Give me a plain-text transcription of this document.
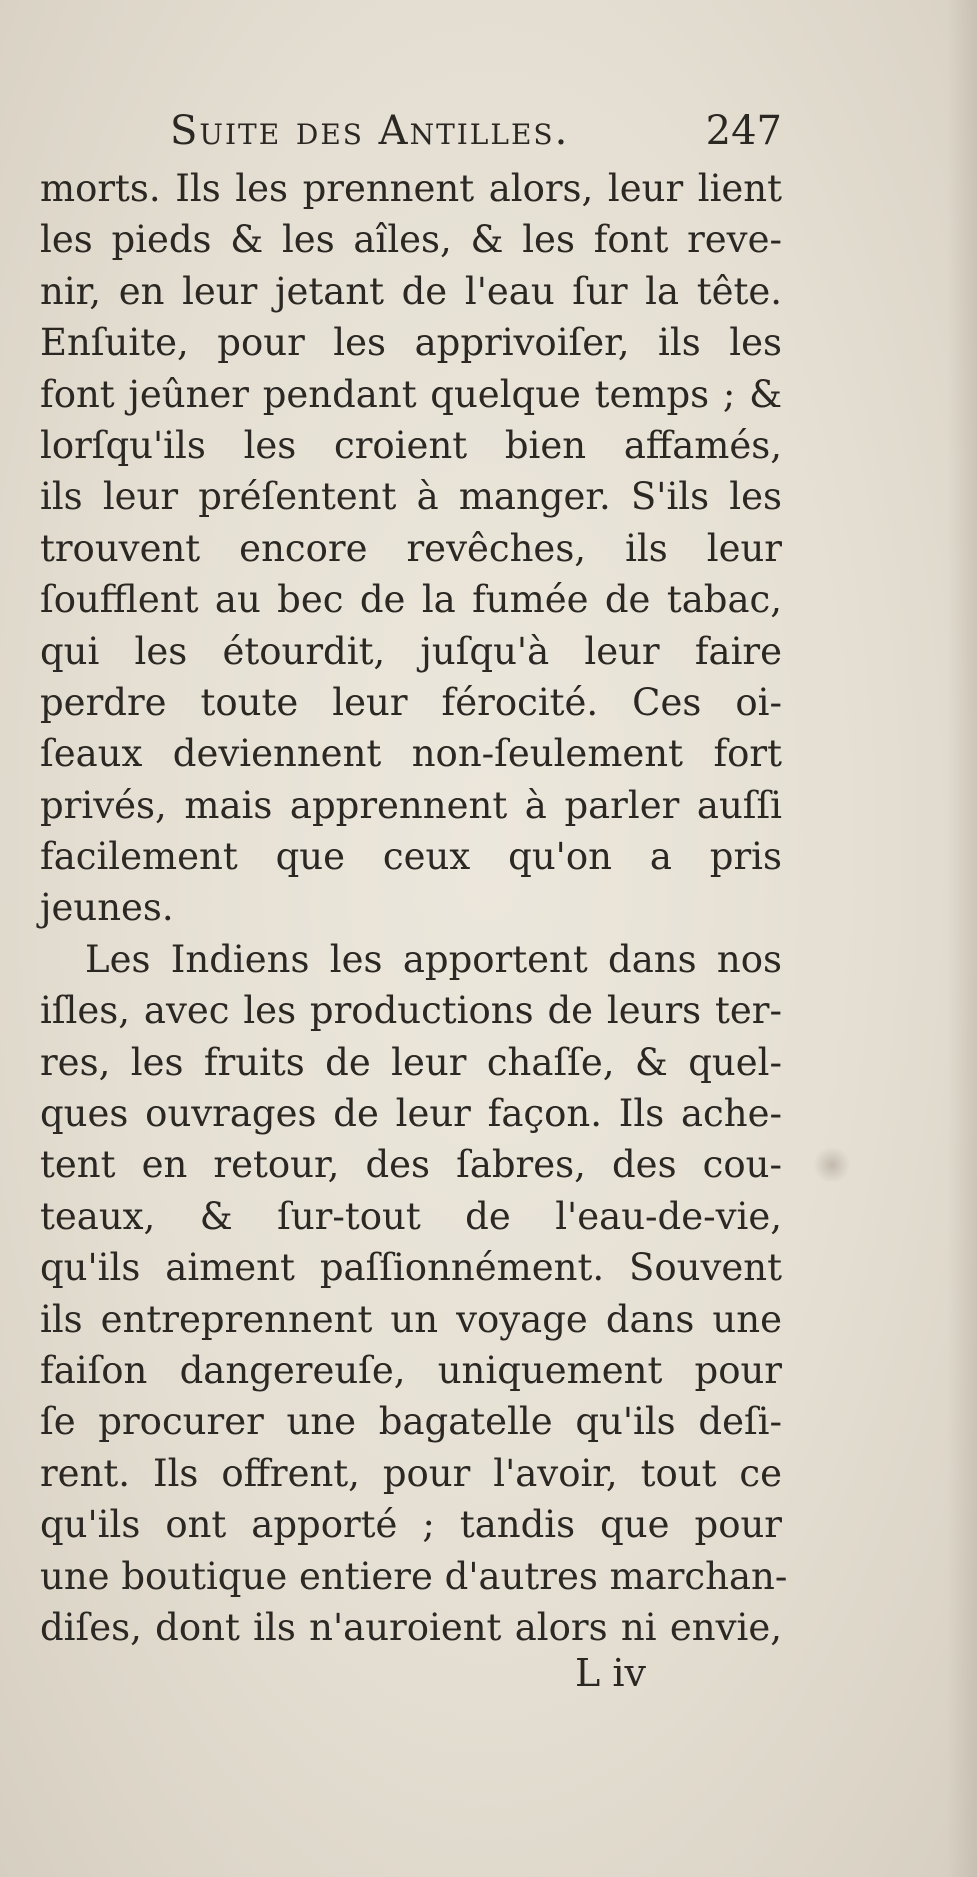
Suite des Antilles.	247
morts. Ils les prennent alors, leur lient
les pieds & les aîles, & les font reve-
nir, en leur jetant de l'eau ſur la tête.
Enſuite, pour les apprivoiſer, ils les
font jeûner pendant quelque temps ; &
lorſqu'ils les croient bien affamés,
ils leur préſentent à manger. S'ils les
trouvent encore revêches, ils leur
ſoufflent au bec de la fumée de tabac,
qui les étourdit, juſqu'à leur faire
perdre toute leur férocité. Ces oi-
ſeaux deviennent non-ſeulement fort
privés, mais apprennent à parler auſſi
facilement que ceux qu'on a pris
jeunes.
Les Indiens les apportent dans nos
iſles, avec les productions de leurs ter-
res, les fruits de leur chaſſe, & quel-
ques ouvrages de leur façon. Ils ache-
tent en retour, des ſabres, des cou-
teaux, & ſur-tout de l'eau-de-vie,
qu'ils aiment paſſionnément. Souvent
ils entreprennent un voyage dans une
faiſon dangereuſe, uniquement pour
ſe procurer une bagatelle qu'ils deſi-
rent. Ils offrent, pour l'avoir, tout ce
qu'ils ont apporté ; tandis que pour
une boutique entiere d'autres marchan-
diſes, dont ils n'auroient alors ni envie,
L iv
